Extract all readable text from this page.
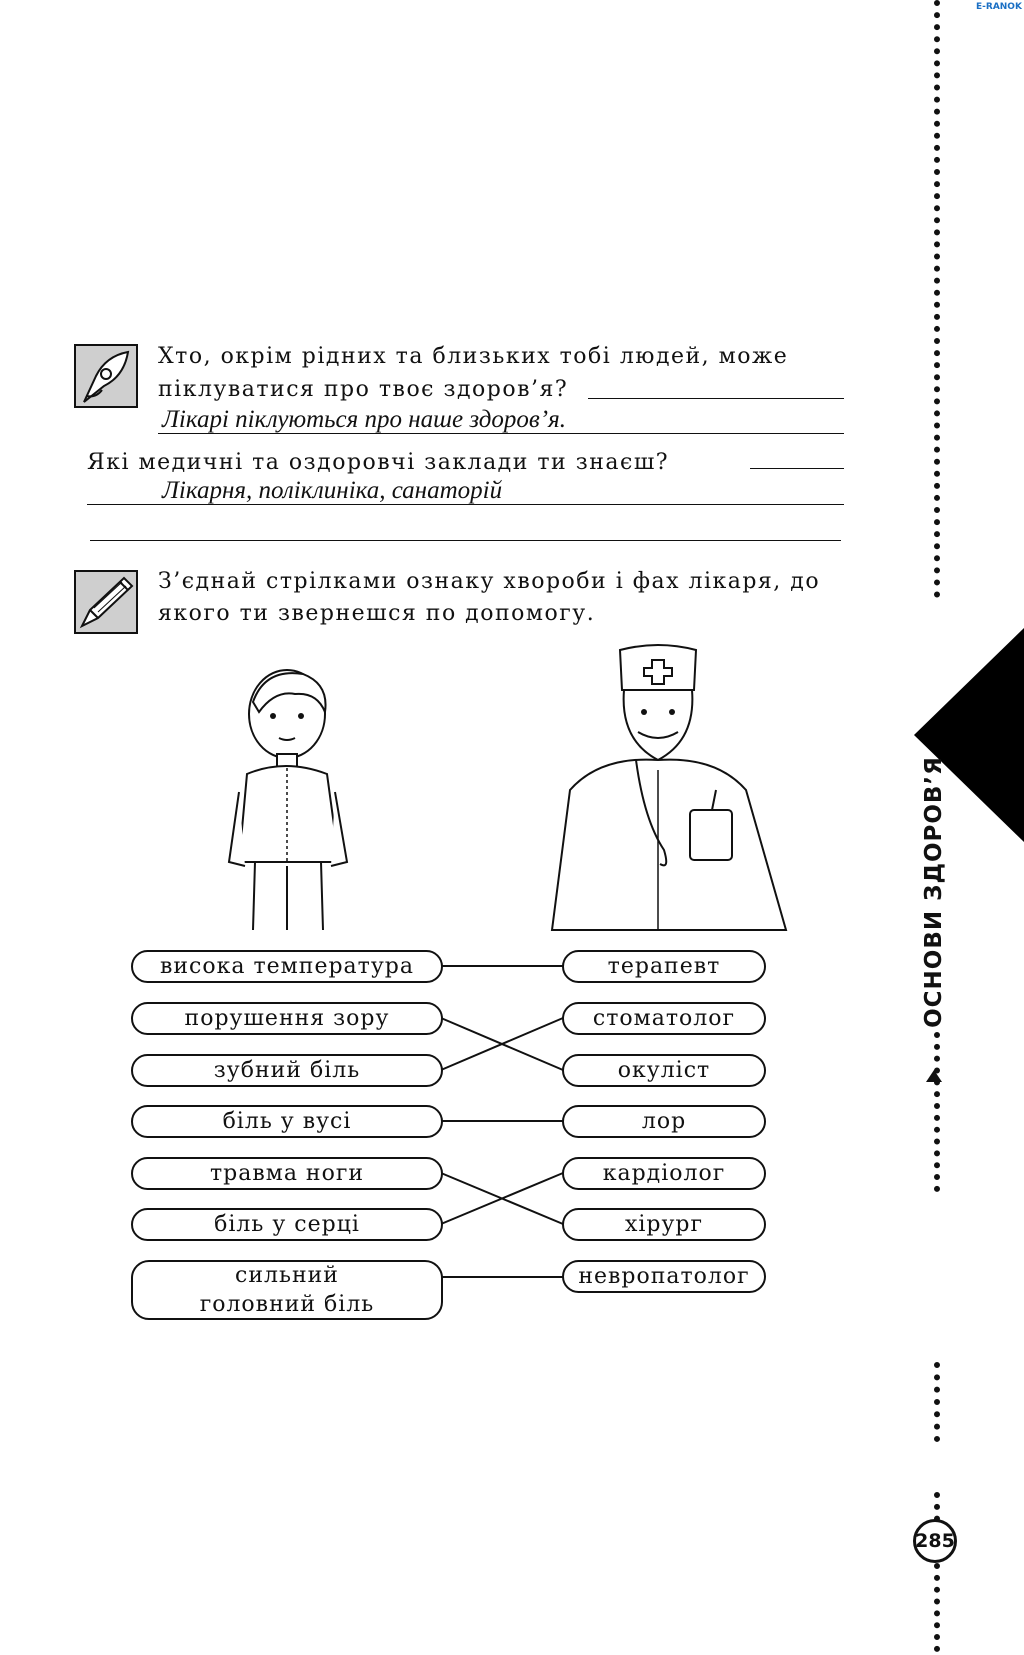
E-RANOK
Хто, окрім рідних та близьких тобі людей, може
піклуватися про твоє здоров’я?
Лікарі піклуються про наше здоров’я.
Які медичні та оздоровчі заклади ти знаєш?
Лікарня, поліклиніка, санаторій
З’єднай стрілками ознаку хвороби і фах лікаря, до
якого ти звернешся по допомогу.
висока температура
порушення зору
зубний біль
біль у вусі
травма ноги
біль у серці
сильний
головний біль
терапевт
стоматолог
окуліст
лор
кардіолог
хірург
невропатолог
ОСНОВИ ЗДОРОВ’Я
285
